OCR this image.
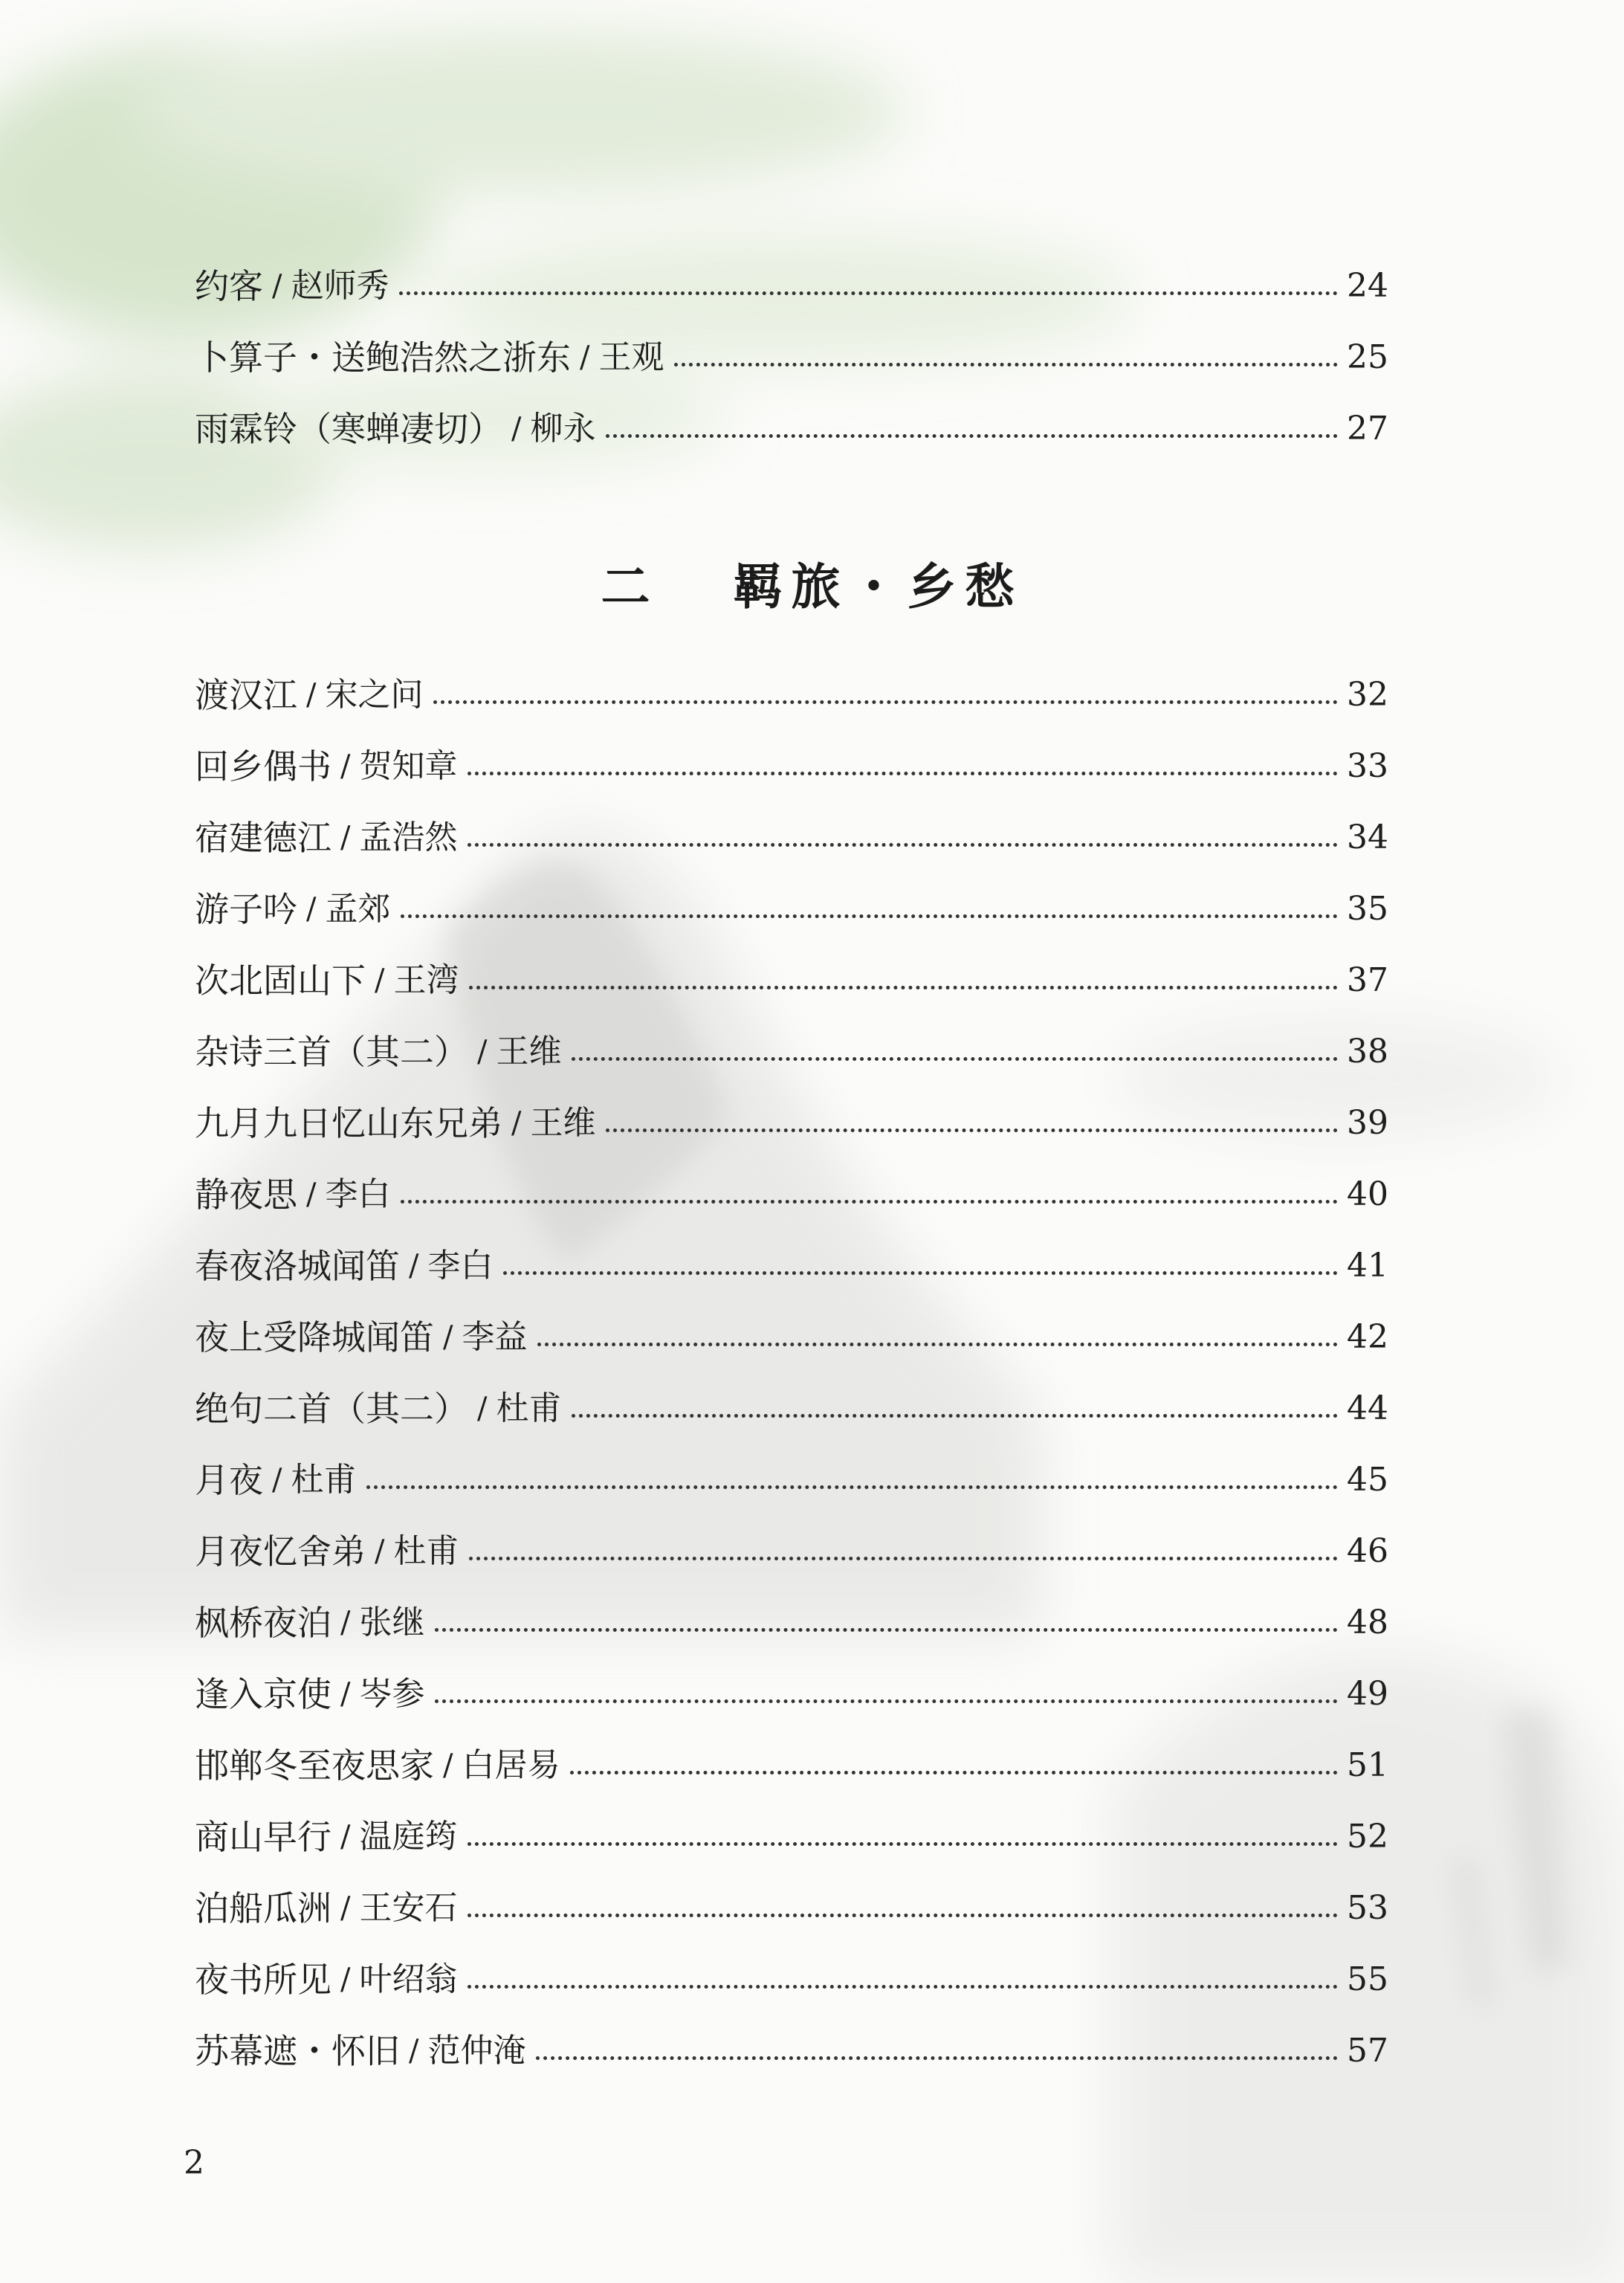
约客 / 赵师秀	24
卜算子・送鲍浩然之浙东 / 王观	25
雨霖铃（寒蝉凄切） / 柳永	27
二 羁旅・乡愁
渡汉江 / 宋之问	32
回乡偶书 / 贺知章	33
宿建德江 / 孟浩然	34
游子吟 / 孟郊	35
次北固山下 / 王湾	37
杂诗三首（其二） / 王维	38
九月九日忆山东兄弟 / 王维	39
静夜思 / 李白	40
春夜洛城闻笛 / 李白	41
夜上受降城闻笛 / 李益	42
绝句二首（其二） / 杜甫	44
月夜 / 杜甫	45
月夜忆舍弟 / 杜甫	46
枫桥夜泊 / 张继	48
逢入京使 / 岑参	49
邯郸冬至夜思家 / 白居易	51
商山早行 / 温庭筠	52
泊船瓜洲 / 王安石	53
夜书所见 / 叶绍翁	55
苏幕遮・怀旧 / 范仲淹	57
2
